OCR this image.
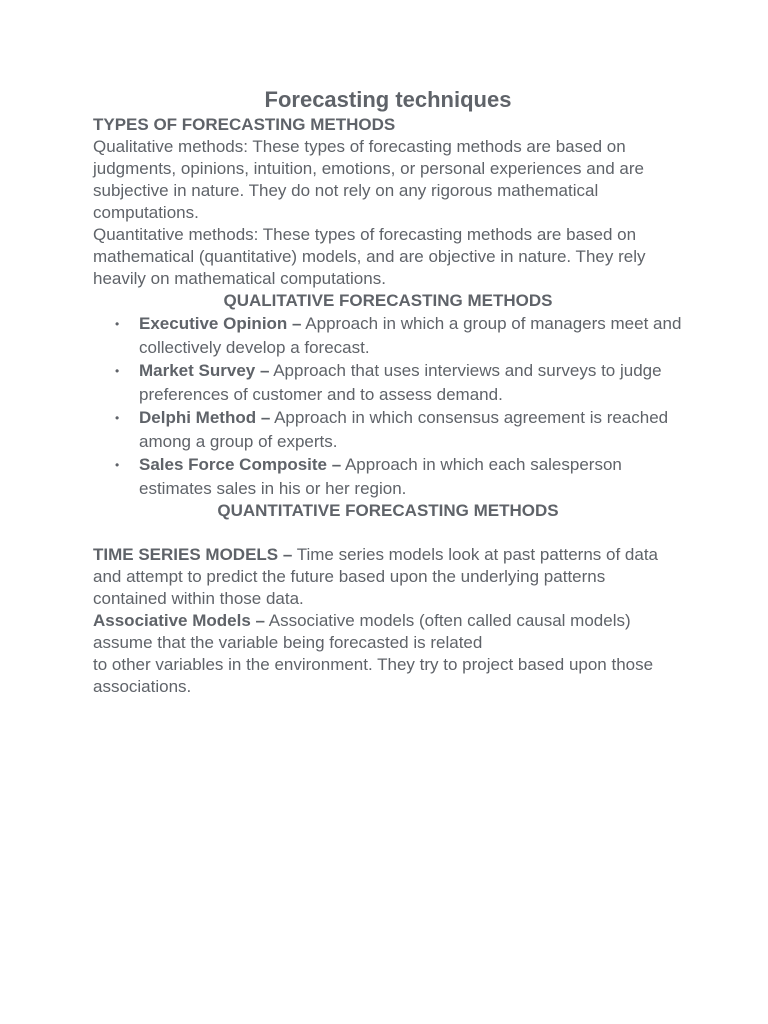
Forecasting techniques

TYPES OF FORECASTING METHODS

Qualitative methods: These types of forecasting methods are based on judgments, opinions, intuition, emotions, or personal experiences and are subjective in nature. They do not rely on any rigorous mathematical computations.

Quantitative methods: These types of forecasting methods are based on mathematical (quantitative) models, and are objective in nature. They rely heavily on mathematical computations.

QUALITATIVE FORECASTING METHODS

• Executive Opinion – Approach in which a group of managers meet and collectively develop a forecast.
• Market Survey – Approach that uses interviews and surveys to judge preferences of customer and to assess demand.
• Delphi Method – Approach in which consensus agreement is reached among a group of experts.
• Sales Force Composite – Approach in which each salesperson estimates sales in his or her region.

QUANTITATIVE FORECASTING METHODS

TIME SERIES MODELS – Time series models look at past patterns of data and attempt to predict the future based upon the underlying patterns contained within those data.

Associative Models – Associative models (often called causal models) assume that the variable being forecasted is related
to other variables in the environment. They try to project based upon those associations.
